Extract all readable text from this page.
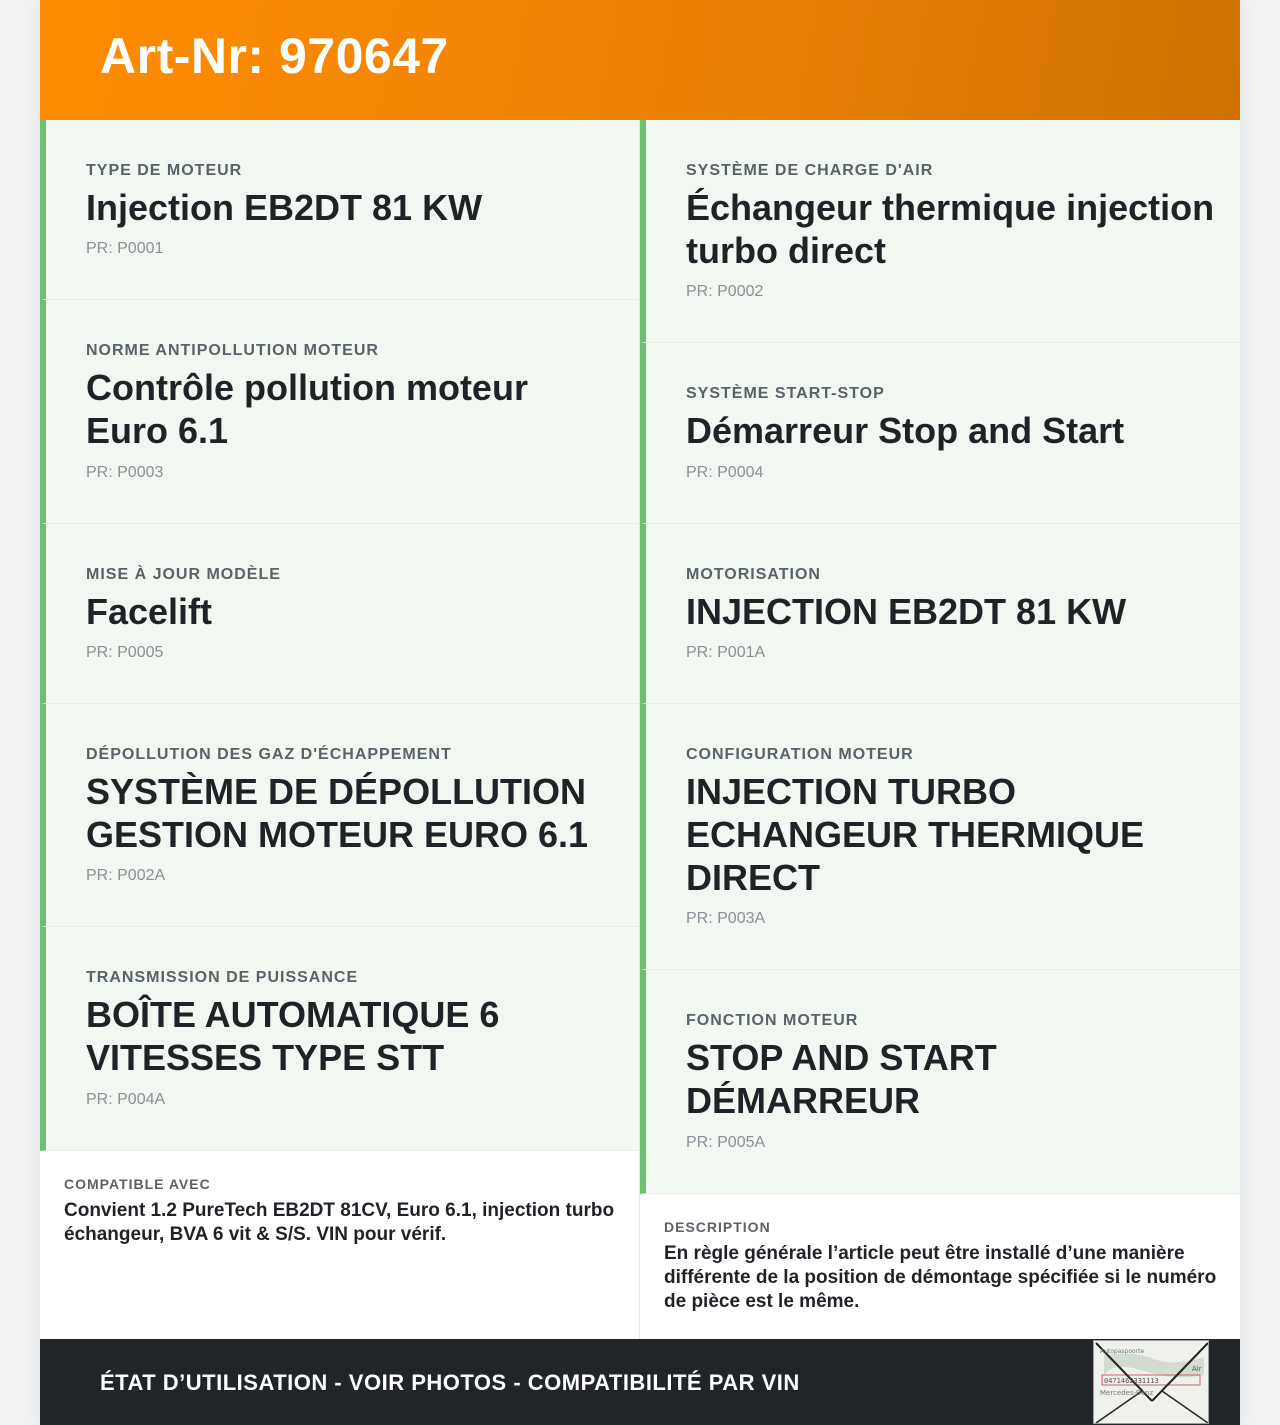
Art-Nr: 970647
TYPE DE MOTEUR
Injection EB2DT 81 KW
PR: P0001
NORME ANTIPOLLUTION MOTEUR
Contrôle pollution moteur Euro 6.1
PR: P0003
MISE À JOUR MODÈLE
Facelift
PR: P0005
DÉPOLLUTION DES GAZ D'ÉCHAPPEMENT
SYSTÈME DE DÉPOLLUTION GESTION MOTEUR EURO 6.1
PR: P002A
TRANSMISSION DE PUISSANCE
BOÎTE AUTOMATIQUE 6 VITESSES TYPE STT
PR: P004A
SYSTÈME DE CHARGE D'AIR
Échangeur thermique injection turbo direct
PR: P0002
SYSTÈME START-STOP
Démarreur Stop and Start
PR: P0004
MOTORISATION
INJECTION EB2DT 81 KW
PR: P001A
CONFIGURATION MOTEUR
INJECTION TURBO ECHANGEUR THERMIQUE DIRECT
PR: P003A
FONCTION MOTEUR
STOP AND START DÉMARREUR
PR: P005A
COMPATIBLE AVEC
Convient 1.2 PureTech EB2DT 81CV, Euro 6.1, injection turbo échangeur, BVA 6 vit & S/S. VIN pour vérif.	DESCRIPTION
En règle générale l’article peut être installé d’une manière différente de la position de démontage spécifiée si le numéro de pièce est le même.
ÉTAT D’UTILISATION - VOIR PHOTOS - COMPATIBILITÉ PAR VIN
Autopaspoorte
Air
0471462331113
Mercedes-Benz
